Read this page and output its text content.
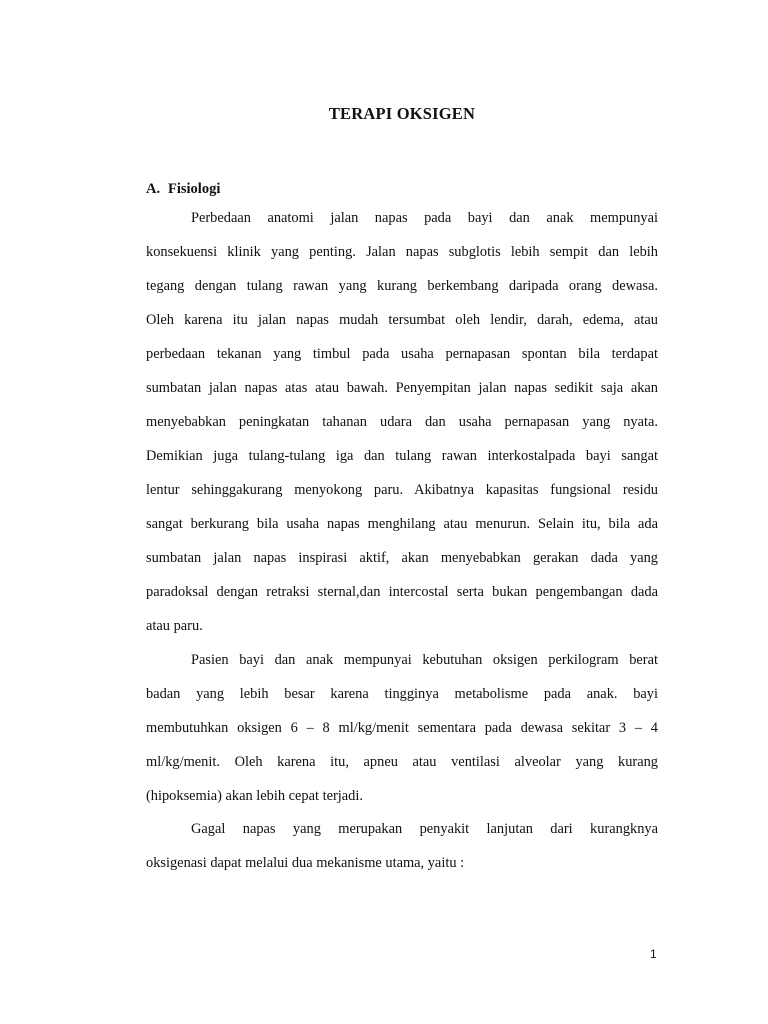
TERAPI OKSIGEN
A. Fisiologi
Perbedaan anatomi jalan napas pada bayi dan anak mempunyai
konsekuensi klinik yang penting. Jalan napas subglotis lebih sempit dan lebih
tegang dengan tulang rawan yang kurang berkembang daripada orang dewasa.
Oleh karena itu jalan napas mudah tersumbat oleh lendir, darah, edema, atau
perbedaan tekanan yang timbul pada usaha pernapasan spontan bila terdapat
sumbatan jalan napas atas atau bawah. Penyempitan jalan napas sedikit saja akan
menyebabkan peningkatan tahanan udara dan usaha pernapasan yang nyata.
Demikian juga tulang-tulang iga dan tulang rawan interkostalpada bayi sangat
lentur sehinggakurang menyokong paru. Akibatnya kapasitas fungsional residu
sangat berkurang bila usaha napas menghilang atau menurun. Selain itu, bila ada
sumbatan jalan napas inspirasi aktif, akan menyebabkan gerakan dada yang
paradoksal dengan retraksi sternal,dan intercostal serta bukan pengembangan dada
atau paru.
Pasien bayi dan anak mempunyai kebutuhan oksigen perkilogram berat
badan yang lebih besar karena tingginya metabolisme pada anak. bayi
membutuhkan oksigen 6 – 8 ml/kg/menit sementara pada dewasa sekitar 3 – 4
ml/kg/menit. Oleh karena itu, apneu atau ventilasi alveolar yang kurang
(hipoksemia) akan lebih cepat terjadi.
Gagal napas yang merupakan penyakit lanjutan dari kurangknya
oksigenasi dapat melalui dua mekanisme utama, yaitu :

1
